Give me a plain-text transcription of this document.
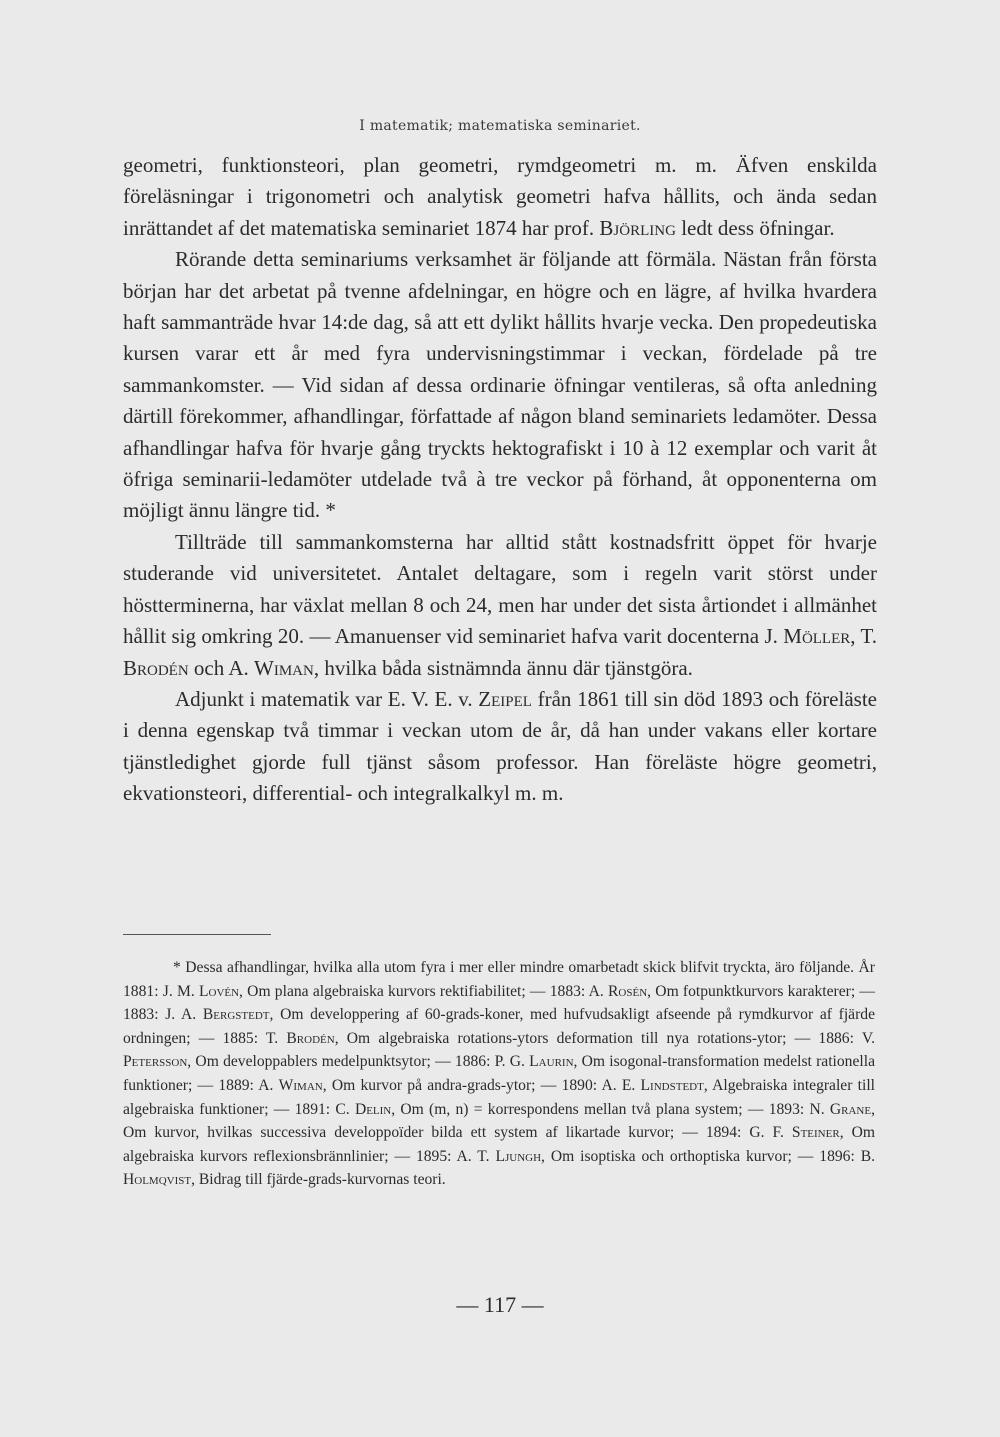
I matematik; matematiska seminariet.

geometri, funktionsteori, plan geometri, rymdgeometri m. m. Äfven enskilda föreläsningar i trigonometri och analytisk geometri hafva hållits, och ända sedan inrättandet af det matematiska seminariet 1874 har prof. Björling ledt dess öfningar.

Rörande detta seminariums verksamhet är följande att förmäla. Nästan från första början har det arbetat på tvenne afdelningar, en högre och en lägre, af hvilka hvardera haft sammanträde hvar 14:de dag, så att ett dylikt hållits hvarje vecka. Den propedeutiska kursen varar ett år med fyra undervisningstimmar i veckan, fördelade på tre sammankomster. — Vid sidan af dessa ordinarie öfningar ventileras, så ofta anledning därtill förekommer, afhandlingar, författade af någon bland seminariets ledamöter. Dessa afhandlingar hafva för hvarje gång tryckts hektografiskt i 10 à 12 exemplar och varit åt öfriga seminarii-ledamöter utdelade två à tre veckor på förhand, åt opponenterna om möjligt ännu längre tid. *

Tillträde till sammankomsterna har alltid stått kostnadsfritt öppet för hvarje studerande vid universitetet. Antalet deltagare, som i regeln varit störst under höstterminerna, har växlat mellan 8 och 24, men har under det sista årtiondet i allmänhet hållit sig omkring 20. — Amanuenser vid seminariet hafva varit docenterna J. Möller, T. Brodén och A. Wiman, hvilka båda sistnämnda ännu där tjänstgöra.

Adjunkt i matematik var E. V. E. v. Zeipel från 1861 till sin död 1893 och föreläste i denna egenskap två timmar i veckan utom de år, då han under vakans eller kortare tjänstledighet gjorde full tjänst såsom professor. Han föreläste högre geometri, ekvationsteori, differential- och integralkalkyl m. m.

* Dessa afhandlingar, hvilka alla utom fyra i mer eller mindre omarbetadt skick blifvit tryckta, äro följande. År 1881: J. M. Lovén, Om plana algebraiska kurvors rektifiabilitet; — 1883: A. Rosén, Om fotpunktkurvors karakterer; — 1883: J. A. Bergstedt, Om developpering af 60-grads-koner, med hufvudsakligt afseende på rymdkurvor af fjärde ordningen; — 1885: T. Brodén, Om algebraiska rotations-ytors deformation till nya rotations-ytor; — 1886: V. Petersson, Om developpablers medelpunktsytor; — 1886: P. G. Laurin, Om isogonal-transformation medelst rationella funktioner; — 1889: A. Wiman, Om kurvor på andra-grads-ytor; — 1890: A. E. Lindstedt, Algebraiska integraler till algebraiska funktioner; — 1891: C. Delin, Om (m, n) = korrespondens mellan två plana system; — 1893: N. Grane, Om kurvor, hvilkas successiva developpoïder bilda ett system af likartade kurvor; — 1894: G. F. Steiner, Om algebraiska kurvors reflexionsbrännlinier; — 1895: A. T. Ljungh, Om isoptiska och orthoptiska kurvor; — 1896: B. Holmqvist, Bidrag till fjärde-grads-kurvornas teori.

— 117 —
